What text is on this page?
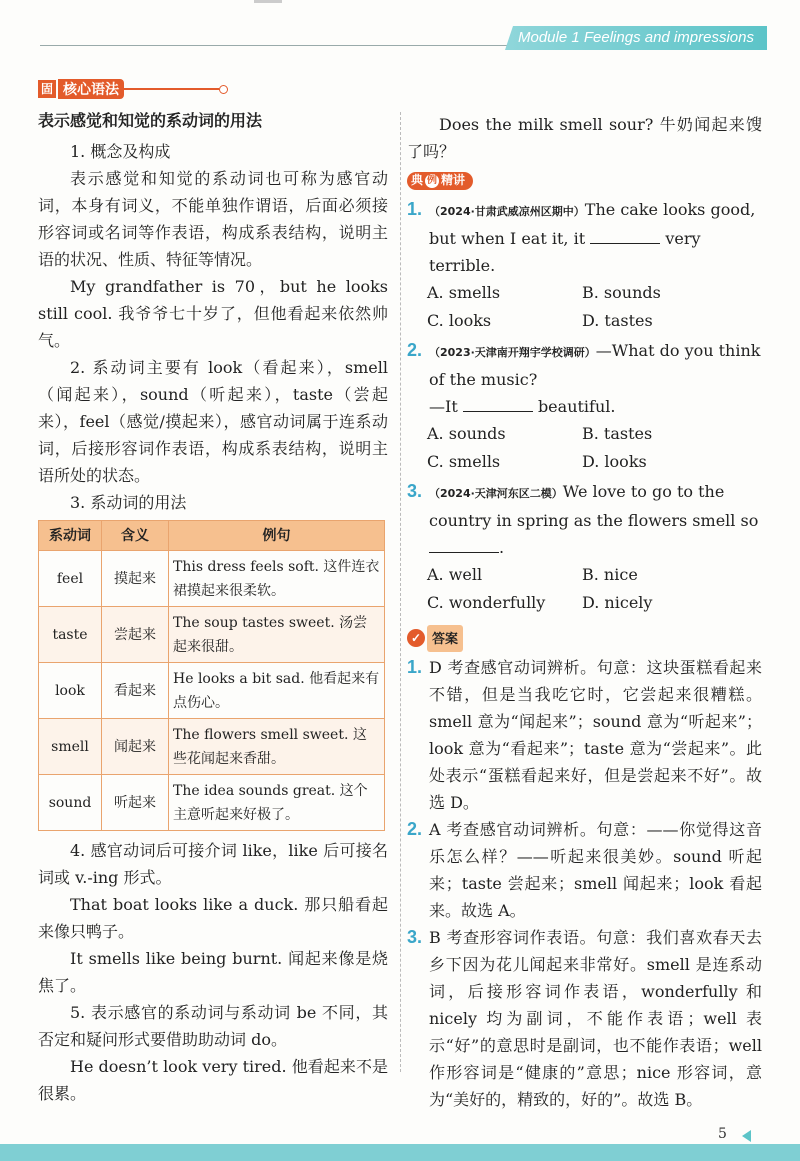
Module 1 Feelings and impressions
固 核心语法
表示感觉和知觉的系动词的用法

1. 概念及构成

表示感觉和知觉的系动词也可称为感官动词，本身有词义，不能单独作谓语，后面必须接形容词或名词等作表语，构成系表结构，说明主语的状况、性质、特征等情况。

My grandfather is 70，but he looks still cool. 我爷爷七十岁了，但他看起来依然帅气。

2. 系动词主要有 look（看起来），smell（闻起来），sound（听起来），taste（尝起来），feel（感觉/摸起来），感官动词属于连系动词，后接形容词作表语，构成系表结构，说明主语所处的状态。

3. 系动词的用法

系动词	含义	例句
feel	摸起来	This dress feels soft. 这件连衣裙摸起来很柔软。
taste	尝起来	The soup tastes sweet. 汤尝起来很甜。
look	看起来	He looks a bit sad. 他看起来有点伤心。
smell	闻起来	The flowers smell sweet. 这些花闻起来香甜。
sound	听起来	The idea sounds great. 这个主意听起来好极了。

4. 感官动词后可接介词 like，like 后可接名词或 v.-ing 形式。

That boat looks like a duck. 那只船看起来像只鸭子。

It smells like being burnt. 闻起来像是烧焦了。

5. 表示感官的系动词与系动词 be 不同，其否定和疑问形式要借助助动词 do。

He doesn’t look very tired. 他看起来不是很累。

Does the milk smell sour? 牛奶闻起来馊了吗？

典 例 精讲
1. （2024·甘肃武威凉州区期中）The cake looks good, but when I eat it, it	very terrible.
A. smells	B. sounds
C. looks	D. tastes
2. （2023·天津南开翔宇学校调研）—What do you think of the music?
—It	beautiful.
A. sounds	B. tastes
C. smells	D. looks
3. （2024·天津河东区二模）We love to go to the country in spring as the flowers smell so .
A. well	B. nice
C. wonderfully	D. nicely
✓ 答案
1. D 考查感官动词辨析。句意：这块蛋糕看起来不错，但是当我吃它时，它尝起来很糟糕。smell 意为“闻起来”；sound 意为“听起来”；look 意为“看起来”；taste 意为“尝起来”。此处表示“蛋糕看起来好，但是尝起来不好”。故选 D。
2. A 考查感官动词辨析。句意：——你觉得这音乐怎么样？——听起来很美妙。sound 听起来；taste 尝起来；smell 闻起来；look 看起来。故选 A。
3. B 考查形容词作表语。句意：我们喜欢春天去乡下因为花儿闻起来非常好。smell 是连系动词，后接形容词作表语，wonderfully 和 nicely 均为副词，不能作表语；well 表示“好”的意思时是副词，也不能作表语；well 作形容词是“健康的”意思；nice 形容词，意为“美好的，精致的，好的”。故选 B。
5
